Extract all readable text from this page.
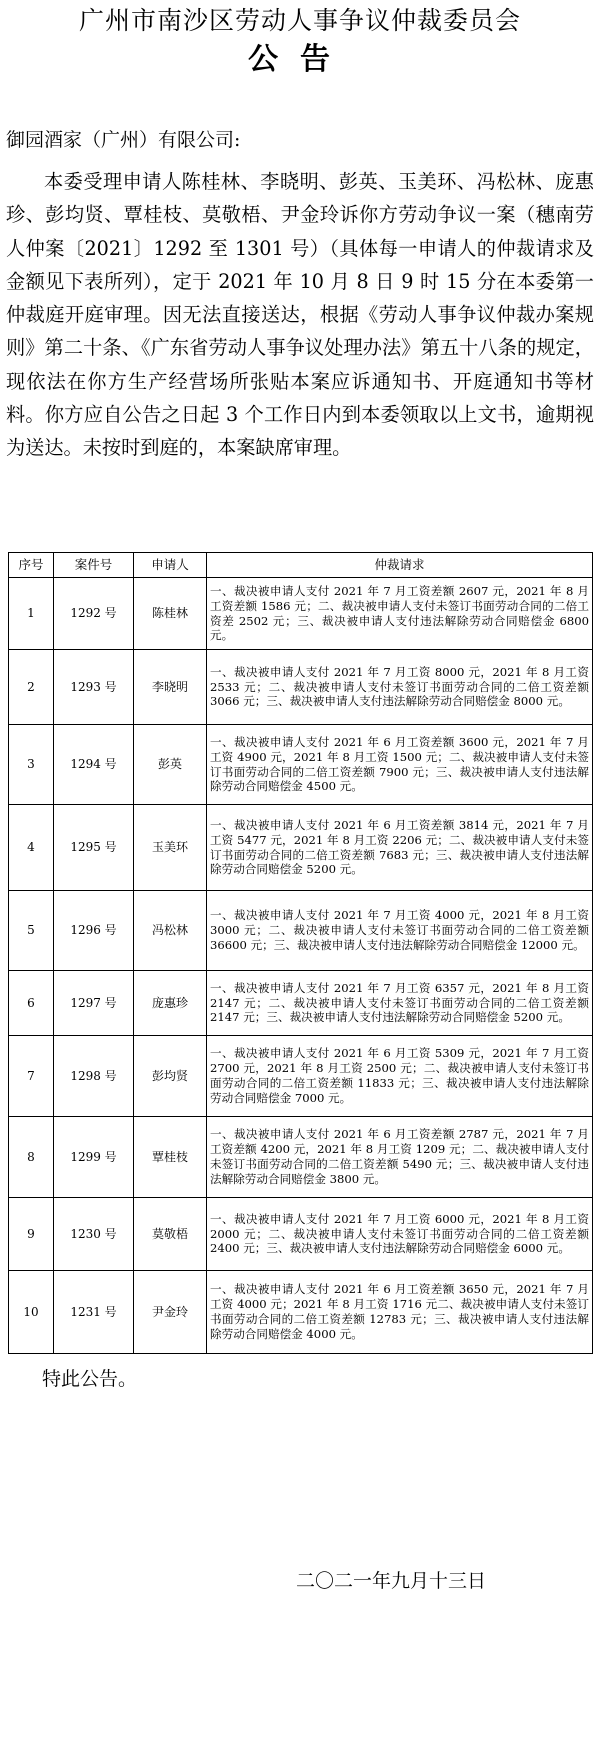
广州市南沙区劳动人事争议仲裁委员会
公告
御园酒家（广州）有限公司:

本委受理申请人陈桂林、李晓明、彭英、玉美环、冯松林、庞惠珍、彭均贤、覃桂枝、莫敬梧、尹金玲诉你方劳动争议一案（穗南劳人仲案〔2021〕1292 至 1301 号）（具体每一申请人的仲裁请求及金额见下表所列），定于 2021 年 10 月 8 日 9 时 15 分在本委第一仲裁庭开庭审理。因无法直接送达，根据《劳动人事争议仲裁办案规则》第二十条、《广东省劳动人事争议处理办法》第五十八条的规定，现依法在你方生产经营场所张贴本案应诉通知书、开庭通知书等材料。你方应自公告之日起 3 个工作日内到本委领取以上文书，逾期视为送达。未按时到庭的，本案缺席审理。

序号	案件号	申请人	仲裁请求
1	1292 号	陈桂林	一、裁决被申请人支付 2021 年 7 月工资差额 2607 元，2021 年 8 月工资差额 1586 元；二、裁决被申请人支付未签订书面劳动合同的二倍工资差 2502 元；三、裁决被申请人支付违法解除劳动合同赔偿金 6800 元。
2	1293 号	李晓明	一、裁决被申请人支付 2021 年 7 月工资 8000 元，2021 年 8 月工资 2533 元；二、裁决被申请人支付未签订书面劳动合同的二倍工资差额 3066 元；三、裁决被申请人支付违法解除劳动合同赔偿金 8000 元。
3	1294 号	彭英	一、裁决被申请人支付 2021 年 6 月工资差额 3600 元，2021 年 7 月工资 4900 元，2021 年 8 月工资 1500 元；二、裁决被申请人支付未签订书面劳动合同的二倍工资差额 7900 元；三、裁决被申请人支付违法解除劳动合同赔偿金 4500 元。
4	1295 号	玉美环	一、裁决被申请人支付 2021 年 6 月工资差额 3814 元，2021 年 7 月工资 5477 元，2021 年 8 月工资 2206 元；二、裁决被申请人支付未签订书面劳动合同的二倍工资差额 7683 元；三、裁决被申请人支付违法解除劳动合同赔偿金 5200 元。
5	1296 号	冯松林	一、裁决被申请人支付 2021 年 7 月工资 4000 元，2021 年 8 月工资 3000 元；二、裁决被申请人支付未签订书面劳动合同的二倍工资差额 36600 元；三、裁决被申请人支付违法解除劳动合同赔偿金 12000 元。
6	1297 号	庞惠珍	一、裁决被申请人支付 2021 年 7 月工资 6357 元，2021 年 8 月工资 2147 元；二、裁决被申请人支付未签订书面劳动合同的二倍工资差额 2147 元；三、裁决被申请人支付违法解除劳动合同赔偿金 5200 元。
7	1298 号	彭均贤	一、裁决被申请人支付 2021 年 6 月工资 5309 元，2021 年 7 月工资 2700 元，2021 年 8 月工资 2500 元；二、裁决被申请人支付未签订书面劳动合同的二倍工资差额 11833 元；三、裁决被申请人支付违法解除劳动合同赔偿金 7000 元。
8	1299 号	覃桂枝	一、裁决被申请人支付 2021 年 6 月工资差额 2787 元，2021 年 7 月工资差额 4200 元，2021 年 8 月工资 1209 元；二、裁决被申请人支付未签订书面劳动合同的二倍工资差额 5490 元；三、裁决被申请人支付违法解除劳动合同赔偿金 3800 元。
9	1230 号	莫敬梧	一、裁决被申请人支付 2021 年 7 月工资 6000 元，2021 年 8 月工资 2000 元；二、裁决被申请人支付未签订书面劳动合同的二倍工资差额 2400 元；三、裁决被申请人支付违法解除劳动合同赔偿金 6000 元。
10	1231 号	尹金玲	一、裁决被申请人支付 2021 年 6 月工资差额 3650 元，2021 年 7 月工资 4000 元；2021 年 8 月工资 1716 元二、裁决被申请人支付未签订书面劳动合同的二倍工资差额 12783 元；三、裁决被申请人支付违法解除劳动合同赔偿金 4000 元。
特此公告。
二〇二一年九月十三日
